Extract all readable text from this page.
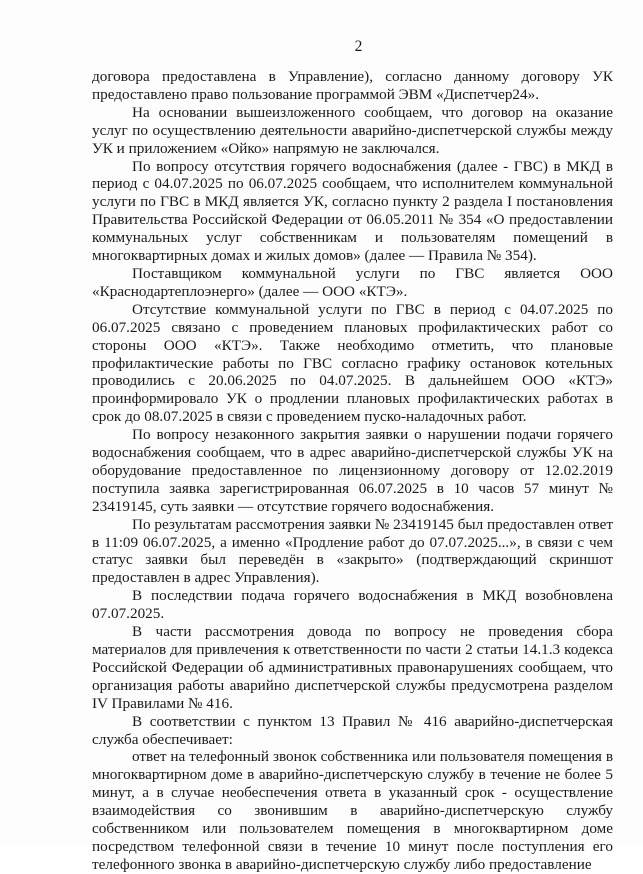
2

договора предоставлена в Управление), согласно данному договору УК предоставлено право пользование программой ЭВМ «Диспетчер24».

На основании вышеизложенного сообщаем, что договор на оказание услуг по осуществлению деятельности аварийно-диспетчерской службы между УК и приложением «Ойко» напрямую не заключался.

По вопросу отсутствия горячего водоснабжения (далее - ГВС) в МКД в период с 04.07.2025 по 06.07.2025 сообщаем, что исполнителем коммунальной услуги по ГВС в МКД является УК, согласно пункту 2 раздела I постановления Правительства Российской Федерации от 06.05.2011 № 354 «О предоставлении коммунальных услуг собственникам и пользователям помещений в многоквартирных домах и жилых домов» (далее — Правила № 354).

Поставщиком коммунальной услуги по ГВС является ООО «Краснодартеплоэнерго» (далее — ООО «КТЭ».

Отсутствие коммунальной услуги по ГВС в период с 04.07.2025 по 06.07.2025 связано с проведением плановых профилактических работ со стороны ООО «КТЭ». Также необходимо отметить, что плановые профилактические работы по ГВС согласно графику остановок котельных проводились с 20.06.2025 по 04.07.2025. В дальнейшем ООО «КТЭ» проинформировало УК о продлении плановых профилактических работах в срок до 08.07.2025 в связи с проведением пуско-наладочных работ.

По вопросу незаконного закрытия заявки о нарушении подачи горячего водоснабжения сообщаем, что в адрес аварийно-диспетчерской службы УК на оборудование предоставленное по лицензионному договору от 12.02.2019 поступила заявка зарегистрированная 06.07.2025 в 10 часов 57 минут № 23419145, суть заявки — отсутствие горячего водоснабжения.

По результатам рассмотрения заявки № 23419145 был предоставлен ответ в 11:09 06.07.2025, а именно «Продление работ до 07.07.2025...», в связи с чем статус заявки был переведён в «закрыто» (подтверждающий скриншот предоставлен в адрес Управления).

В последствии подача горячего водоснабжения в МКД возобновлена 07.07.2025.

В части рассмотрения довода по вопросу не проведения сбора материалов для привлечения к ответственности по части 2 статьи 14.1.3 кодекса Российской Федерации об административных правонарушениях сообщаем, что организация работы аварийно диспетчерской службы предусмотрена разделом IV Правилами № 416.

В соответствии с пунктом 13 Правил № 416 аварийно-диспетчерская служба обеспечивает:

ответ на телефонный звонок собственника или пользователя помещения в многоквартирном доме в аварийно-диспетчерскую службу в течение не более 5 минут, а в случае необеспечения ответа в указанный срок - осуществление взаимодействия со звонившим в аварийно-диспетчерскую службу собственником или пользователем помещения в многоквартирном доме посредством телефонной связи в течение 10 минут после поступления его телефонного звонка в аварийно-диспетчерскую службу либо предоставление
